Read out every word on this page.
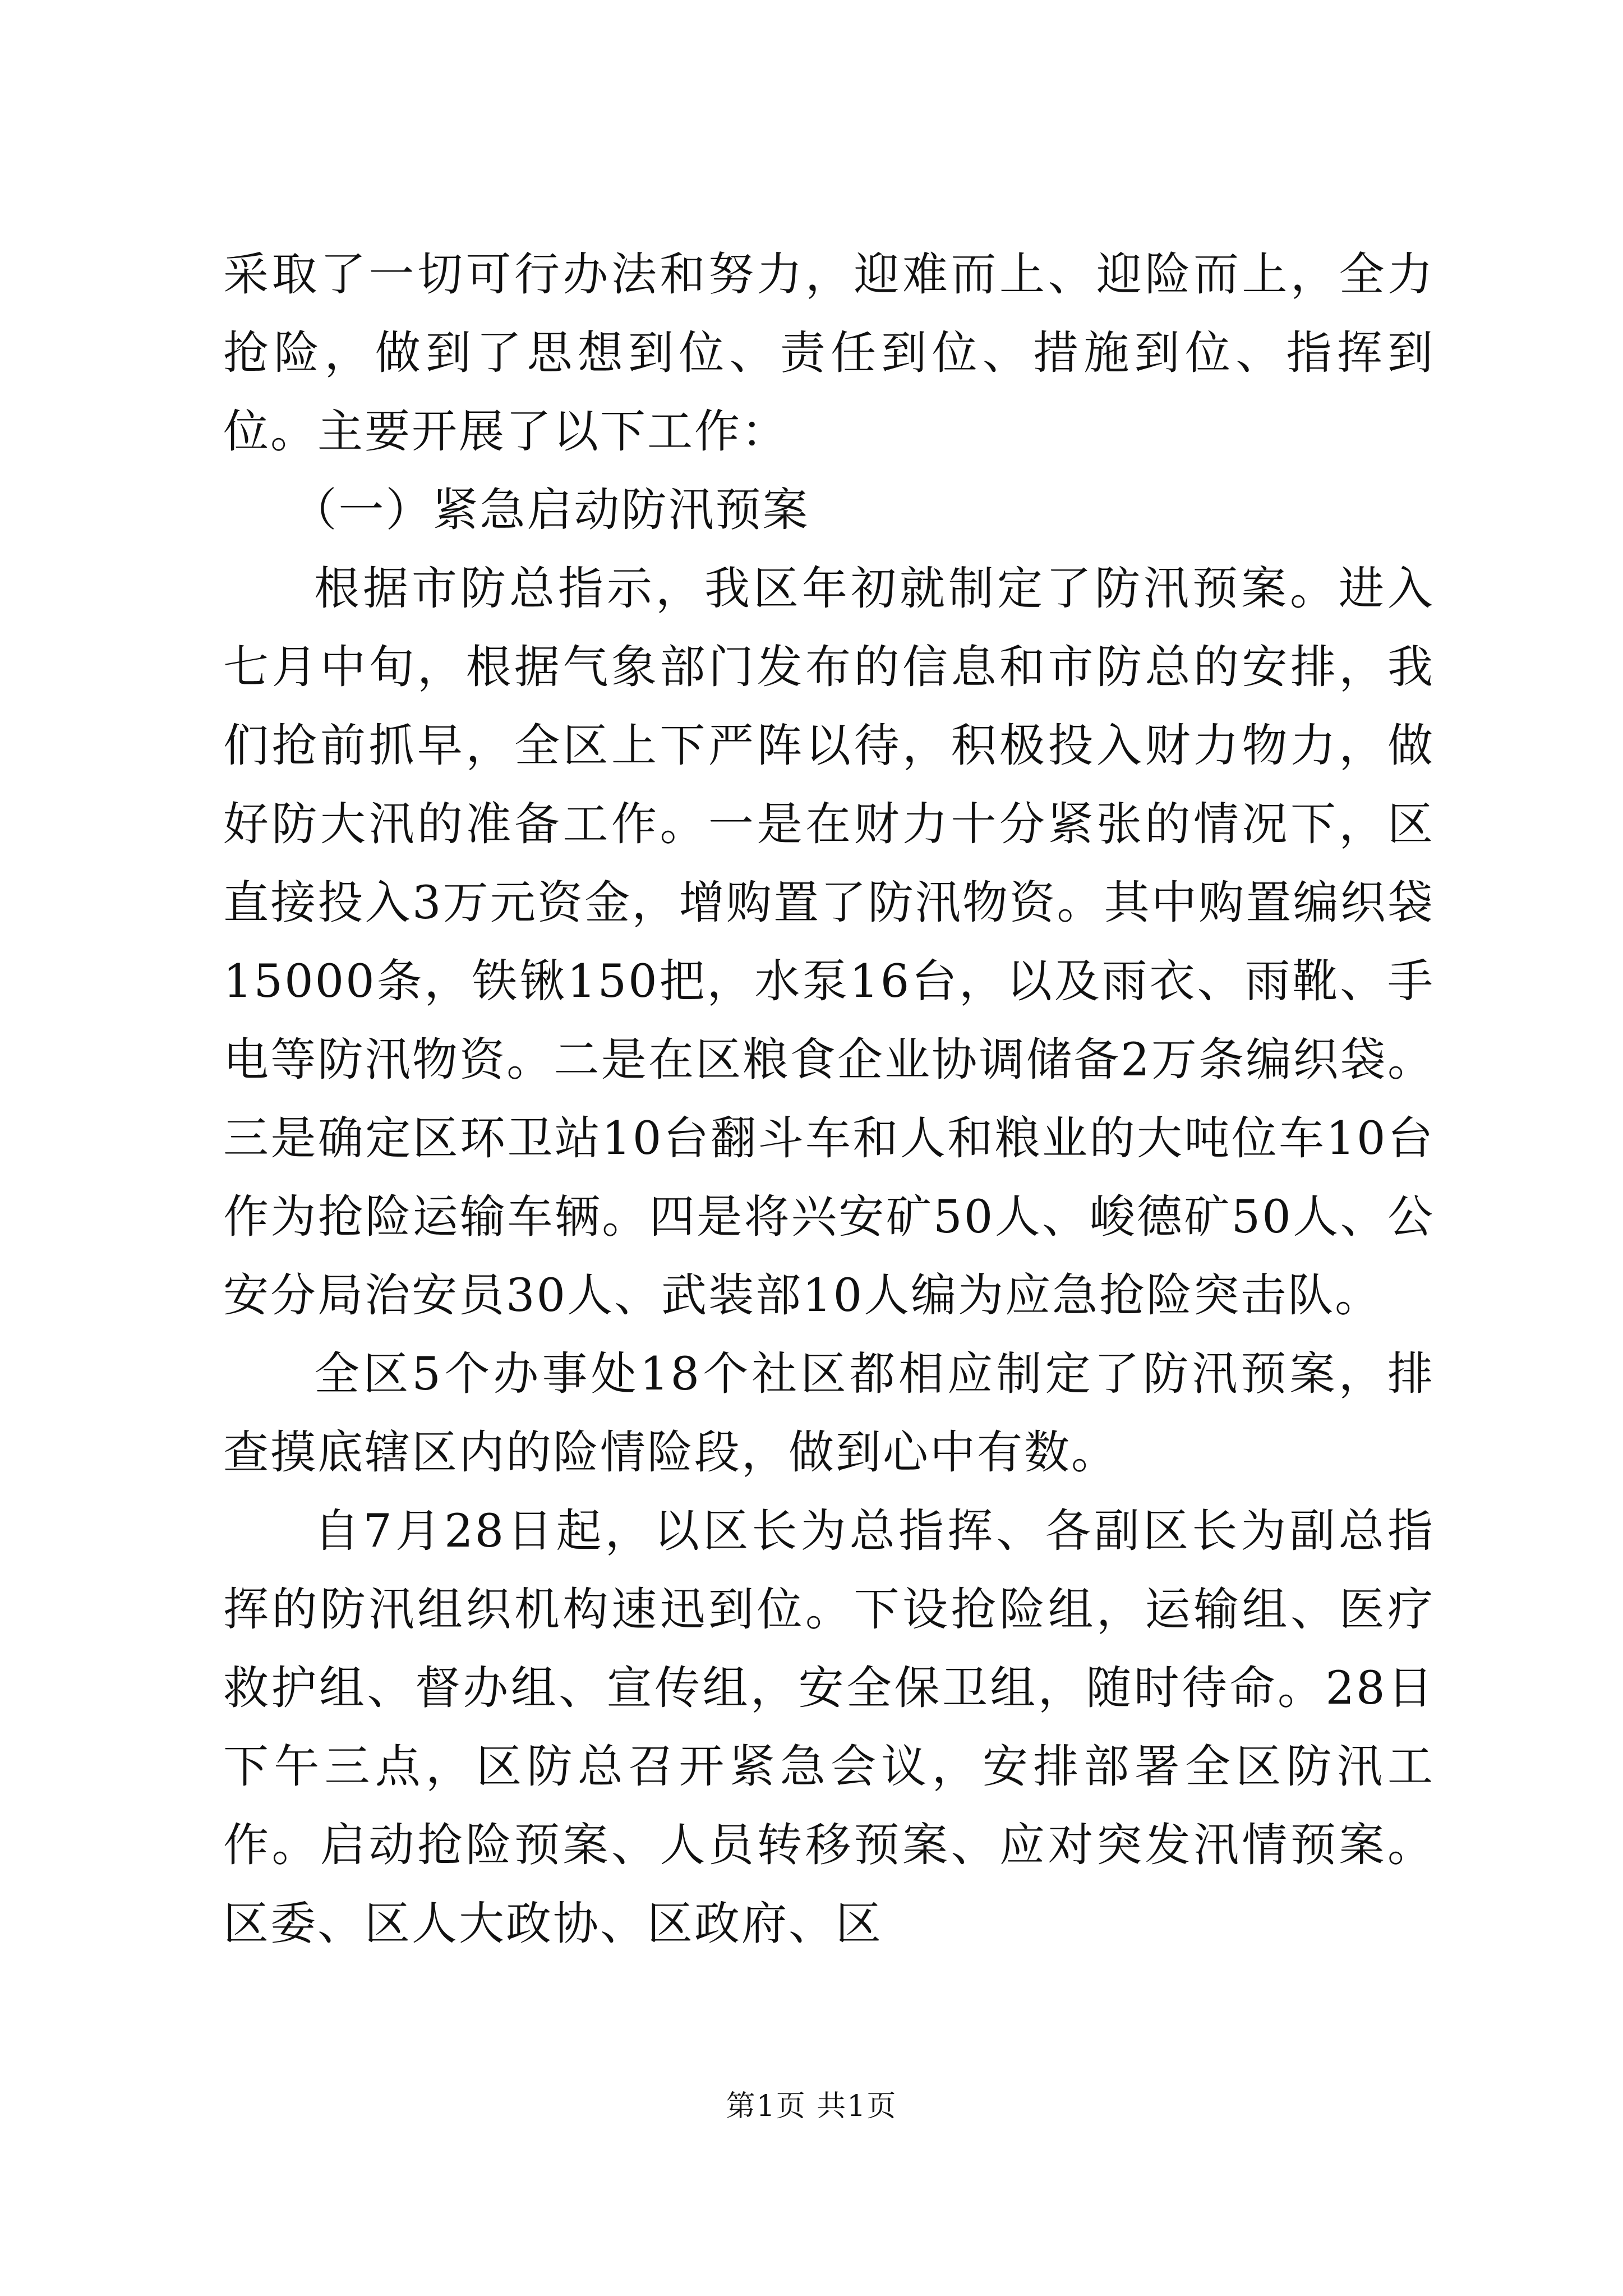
采取了一切可行办法和努力，迎难而上、迎险而上，全力抢险，做到了思想到位、责任到位、措施到位、指挥到位。主要开展了以下工作：

（一）紧急启动防汛预案

根据市防总指示，我区年初就制定了防汛预案。进入七月中旬，根据气象部门发布的信息和市防总的安排，我们抢前抓早，全区上下严阵以待，积极投入财力物力，做好防大汛的准备工作。一是在财力十分紧张的情况下，区直接投入3万元资金，增购置了防汛物资。其中购置编织袋15000条，铁锹150把，水泵16台，以及雨衣、雨靴、手电等防汛物资。二是在区粮食企业协调储备2万条编织袋。三是确定区环卫站10台翻斗车和人和粮业的大吨位车10台作为抢险运输车辆。四是将兴安矿50人、峻德矿50人、公安分局治安员30人、武装部10人编为应急抢险突击队。

全区5个办事处18个社区都相应制定了防汛预案，排查摸底辖区内的险情险段，做到心中有数。

自7月28日起，以区长为总指挥、各副区长为副总指挥的防汛组织机构速迅到位。下设抢险组，运输组、医疗救护组、督办组、宣传组，安全保卫组，随时待命。28日下午三点，区防总召开紧急会议，安排部署全区防汛工作。启动抢险预案、人员转移预案、应对突发汛情预案。区委、区人大政协、区政府、区

第1页 共1页
